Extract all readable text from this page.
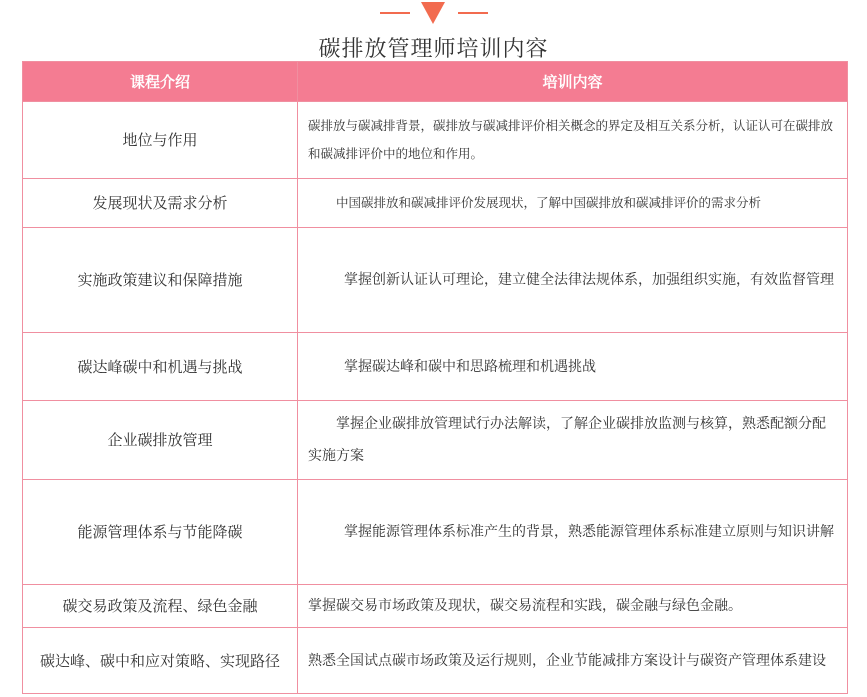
碳排放管理师培训内容
课程介绍	培训内容
地位与作用	碳排放与碳减排背景，碳排放与碳减排评价相关概念的界定及相互关系分析，认证认可在碳排放和碳减排评价中的地位和作用。
发展现状及需求分析	中国碳排放和碳减排评价发展现状，了解中国碳排放和碳减排评价的需求分析
实施政策建议和保障措施	掌握创新认证认可理论，建立健全法律法规体系，加强组织实施，有效监督管理
碳达峰碳中和机遇与挑战	掌握碳达峰和碳中和思路梳理和机遇挑战
企业碳排放管理	掌握企业碳排放管理试行办法解读，了解企业碳排放监测与核算，熟悉配额分配实施方案
能源管理体系与节能降碳	掌握能源管理体系标准产生的背景，熟悉能源管理体系标准建立原则与知识讲解
碳交易政策及流程、绿色金融	掌握碳交易市场政策及现状，碳交易流程和实践，碳金融与绿色金融。
碳达峰、碳中和应对策略、实现路径	熟悉全国试点碳市场政策及运行规则，企业节能减排方案设计与碳资产管理体系建设
